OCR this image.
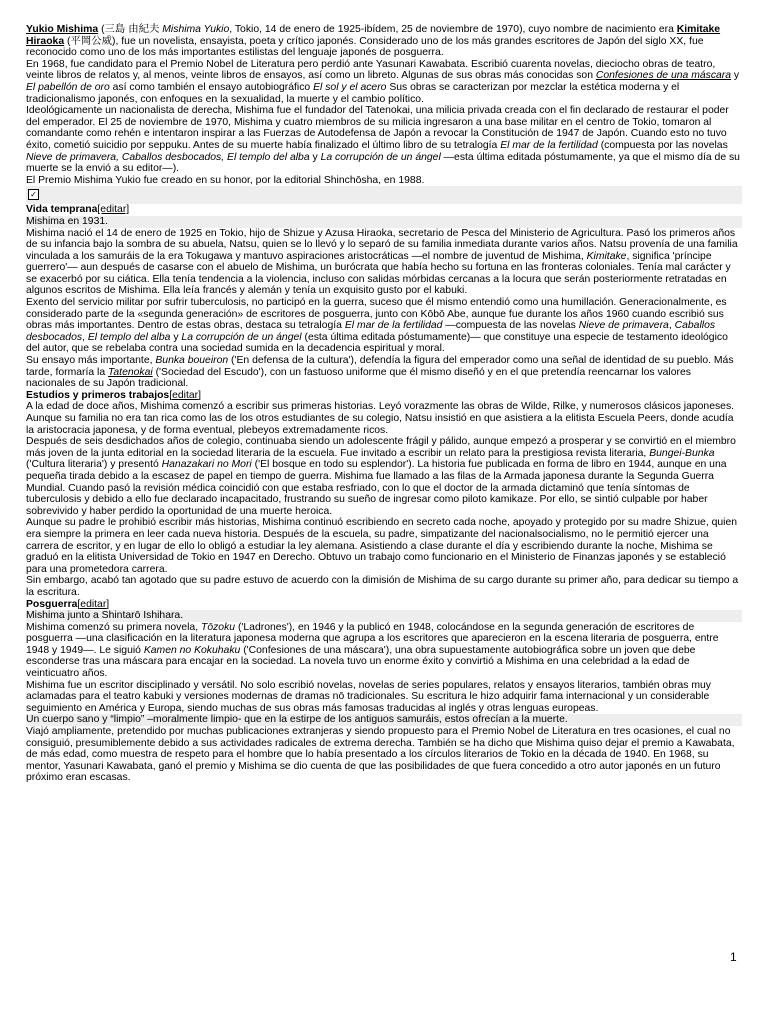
Yukio Mishima (三島 由紀夫 Mishima Yukio, Tokio, 14 de enero de 1925-ibídem, 25 de noviembre de 1970), cuyo nombre de nacimiento era Kimitake Hiraoka (平岡公威), fue un novelista, ensayista, poeta y crítico japonés. Considerado uno de los más grandes escritores de Japón del siglo XX, fue reconocido como uno de los más importantes estilistas del lenguaje japonés de posguerra.

En 1968, fue candidato para el Premio Nobel de Literatura pero perdió ante Yasunari Kawabata. Escribió cuarenta novelas, dieciocho obras de teatro, veinte libros de relatos y, al menos, veinte libros de ensayos, así como un libreto. Algunas de sus obras más conocidas son Confesiones de una máscara y El pabellón de oro así como también el ensayo autobiográfico El sol y el acero Sus obras se caracterizan por mezclar la estética moderna y el tradicionalismo japonés, con enfoques en la sexualidad, la muerte y el cambio político.

Ideológicamente un nacionalista de derecha, Mishima fue el fundador del Tatenokai, una milicia privada creada con el fin declarado de restaurar el poder del emperador. El 25 de noviembre de 1970, Mishima y cuatro miembros de su milicia ingresaron a una base militar en el centro de Tokio, tomaron al comandante como rehén e intentaron inspirar a las Fuerzas de Autodefensa de Japón a revocar la Constitución de 1947 de Japón. Cuando esto no tuvo éxito, cometió suicidio por seppuku. Antes de su muerte había finalizado el último libro de su tetralogía El mar de la fertilidad (compuesta por las novelas Nieve de primavera, Caballos desbocados, El templo del alba y La corrupción de un ángel —esta última editada póstumamente, ya que el mismo día de su muerte se la envió a su editor—).

El Premio Mishima Yukio fue creado en su honor, por la editorial Shinchōsha, en 1988.

✓

Vida temprana[editar]

Mishima en 1931.

Mishima nació el 14 de enero de 1925 en Tokio, hijo de Shizue y Azusa Hiraoka, secretario de Pesca del Ministerio de Agricultura. Pasó los primeros años de su infancia bajo la sombra de su abuela, Natsu, quien se lo llevó y lo separó de su familia inmediata durante varios años. Natsu provenía de una familia vinculada a los samuráis de la era Tokugawa y mantuvo aspiraciones aristocráticas —el nombre de juventud de Mishima, Kimitake, significa 'príncipe guerrero'— aun después de casarse con el abuelo de Mishima, un burócrata que había hecho su fortuna en las fronteras coloniales. Tenía mal carácter y se exacerbó por su ciática. Ella tenía tendencia a la violencia, incluso con salidas mórbidas cercanas a la locura que serán posteriormente retratadas en algunos escritos de Mishima. Ella leía francés y alemán y tenía un exquisito gusto por el kabuki.

Exento del servicio militar por sufrir tuberculosis, no participó en la guerra, suceso que él mismo entendió como una humillación. Generacionalmente, es considerado parte de la «segunda generación» de escritores de posguerra, junto con Kōbō Abe, aunque fue durante los años 1960 cuando escribió sus obras más importantes. Dentro de estas obras, destaca su tetralogía El mar de la fertilidad —compuesta de las novelas Nieve de primavera, Caballos desbocados, El templo del alba y La corrupción de un ángel (esta última editada póstumamente)— que constituye una especie de testamento ideológico del autor, que se rebelaba contra una sociedad sumida en la decadencia espiritual y moral.

Su ensayo más importante, Bunka boueiron ('En defensa de la cultura'), defendía la figura del emperador como una señal de identidad de su pueblo. Más tarde, formaría la Tatenokai ('Sociedad del Escudo'), con un fastuoso uniforme que él mismo diseñó y en el que pretendía reencarnar los valores nacionales de su Japón tradicional.

Estudios y primeros trabajos[editar]

A la edad de doce años, Mishima comenzó a escribir sus primeras historias. Leyó vorazmente las obras de Wilde, Rilke, y numerosos clásicos japoneses. Aunque su familia no era tan rica como las de los otros estudiantes de su colegio, Natsu insistió en que asistiera a la elitista Escuela Peers, donde acudía la aristocracia japonesa, y de forma eventual, plebeyos extremadamente ricos.

Después de seis desdichados años de colegio, continuaba siendo un adolescente frágil y pálido, aunque empezó a prosperar y se convirtió en el miembro más joven de la junta editorial en la sociedad literaria de la escuela. Fue invitado a escribir un relato para la prestigiosa revista literaria, Bungei-Bunka ('Cultura literaria') y presentó Hanazakari no Mori ('El bosque en todo su esplendor'). La historia fue publicada en forma de libro en 1944, aunque en una pequeña tirada debido a la escasez de papel en tiempo de guerra. Mishima fue llamado a las filas de la Armada japonesa durante la Segunda Guerra Mundial. Cuando pasó la revisión médica coincidió con que estaba resfriado, con lo que el doctor de la armada dictaminó que tenía síntomas de tuberculosis y debido a ello fue declarado incapacitado, frustrando su sueño de ingresar como piloto kamikaze. Por ello, se sintió culpable por haber sobrevivido y haber perdido la oportunidad de una muerte heroica.

Aunque su padre le prohibió escribir más historias, Mishima continuó escribiendo en secreto cada noche, apoyado y protegido por su madre Shizue, quien era siempre la primera en leer cada nueva historia. Después de la escuela, su padre, simpatizante del nacionalsocialismo, no le permitió ejercer una carrera de escritor, y en lugar de ello lo obligó a estudiar la ley alemana. Asistiendo a clase durante el día y escribiendo durante la noche, Mishima se graduó en la elitista Universidad de Tokio en 1947 en Derecho. Obtuvo un trabajo como funcionario en el Ministerio de Finanzas japonés y se estableció para una prometedora carrera.

Sin embargo, acabó tan agotado que su padre estuvo de acuerdo con la dimisión de Mishima de su cargo durante su primer año, para dedicar su tiempo a la escritura.

Posguerra[editar]

Mishima junto a Shintarō Ishihara.

Mishima comenzó su primera novela, Tōzoku ('Ladrones'), en 1946 y la publicó en 1948, colocándose en la segunda generación de escritores de posguerra —una clasificación en la literatura japonesa moderna que agrupa a los escritores que aparecieron en la escena literaria de posguerra, entre 1948 y 1949—. Le siguió Kamen no Kokuhaku ('Confesiones de una máscara'), una obra supuestamente autobiográfica sobre un joven que debe esconderse tras una máscara para encajar en la sociedad. La novela tuvo un enorme éxito y convirtió a Mishima en una celebridad a la edad de veinticuatro años.

Mishima fue un escritor disciplinado y versátil. No solo escribió novelas, novelas de series populares, relatos y ensayos literarios, también obras muy aclamadas para el teatro kabuki y versiones modernas de dramas nō tradicionales. Su escritura le hizo adquirir fama internacional y un considerable seguimiento en América y Europa, siendo muchas de sus obras más famosas traducidas al inglés y otras lenguas europeas.

Un cuerpo sano y “limpio” –moralmente limpio- que en la estirpe de los antiguos samuráis, estos ofrecían a la muerte.

Viajó ampliamente, pretendido por muchas publicaciones extranjeras y siendo propuesto para el Premio Nobel de Literatura en tres ocasiones, el cual no consiguió, presumiblemente debido a sus actividades radicales de extrema derecha. También se ha dicho que Mishima quiso dejar el premio a Kawabata, de más edad, como muestra de respeto para el hombre que lo había presentado a los círculos literarios de Tokio en la década de 1940. En 1968, su mentor, Yasunari Kawabata, ganó el premio y Mishima se dio cuenta de que las posibilidades de que fuera concedido a otro autor japonés en un futuro próximo eran escasas.

1
